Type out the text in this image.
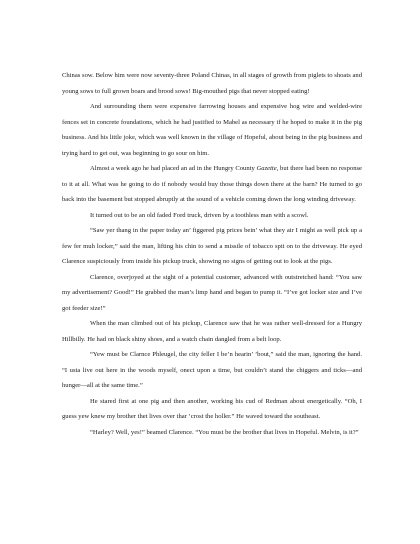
Chinas sow. Below him were now seventy-three Poland Chinas, in all stages of growth from piglets to shoats and young sows to full grown boars and brood sows! Big-mouthed pigs that never stopped eating!

And surrounding them were expensive farrowing houses and expensive hog wire and welded-wire fences set in concrete foundations, which he had justified to Mabel as necessary if he hoped to make it in the pig business. And his little joke, which was well known in the village of Hopeful, about being in the pig business and trying hard to get out, was beginning to go sour on him.

Almost a week ago he had placed an ad in the Hungry County Gazette, but there had been no response to it at all. What was he going to do if nobody would buy those things down there at the barn? He turned to go back into the basement but stopped abruptly at the sound of a vehicle coming down the long winding driveway.

It turned out to be an old faded Ford truck, driven by a toothless man with a scowl.

“Saw yer thang in the paper today an’ figgered pig prices bein’ what they air I might as well pick up a few fer muh locker,” said the man, lifting his chin to send a missile of tobacco spit on to the driveway. He eyed Clarence suspiciously from inside his pickup truck, showing no signs of getting out to look at the pigs.

Clarence, overjoyed at the sight of a potential customer, advanced with outstretched hand: “You saw my advertisement? Good!” He grabbed the man’s limp hand and began to pump it. “I’ve got locker size and I’ve got feeder size!”

When the man climbed out of his pickup, Clarence saw that he was rather well-dressed for a Hungry Hillbilly. He had on black shiny shoes, and a watch chain dangled from a belt loop.

“Yew must be Clarnce Phleugel, the city feller I be’n hearin’ ’bout,” said the man, ignoring the hand. “I usta live out here in the woods myself, onect upon a time, but couldn’t stand the chiggers and ticks—and hunger—all at the same time.”

He stared first at one pig and then another, working his cud of Redman about energetically. “Oh, I guess yew knew my brother thet lives over thar ’crost the holler.” He waved toward the southeast.

“Harley? Well, yes!” beamed Clarence. “You must be the brother that lives in Hopeful. Melvin, is it?”
